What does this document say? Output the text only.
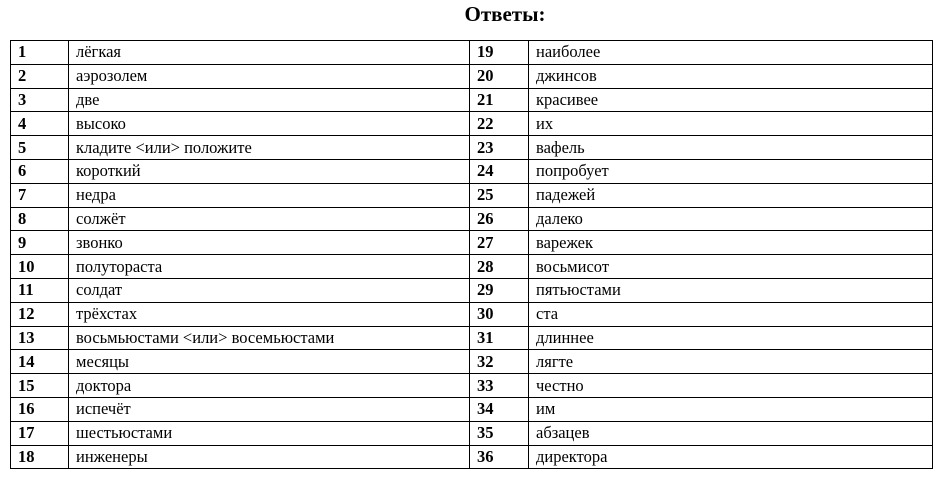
Ответы:
1	лёгкая	19	наиболее
2	аэрозолем	20	джинсов
3	две	21	красивее
4	высоко	22	их
5	кладите <или> положите	23	вафель
6	короткий	24	попробует
7	недра	25	падежей
8	солжёт	26	далеко
9	звонко	27	варежек
10	полутораста	28	восьмисот
11	солдат	29	пятьюстами
12	трёхстах	30	ста
13	восьмьюстами <или> восемьюстами	31	длиннее
14	месяцы	32	лягте
15	доктора	33	честно
16	испечёт	34	им
17	шестьюстами	35	абзацев
18	инженеры	36	директора
